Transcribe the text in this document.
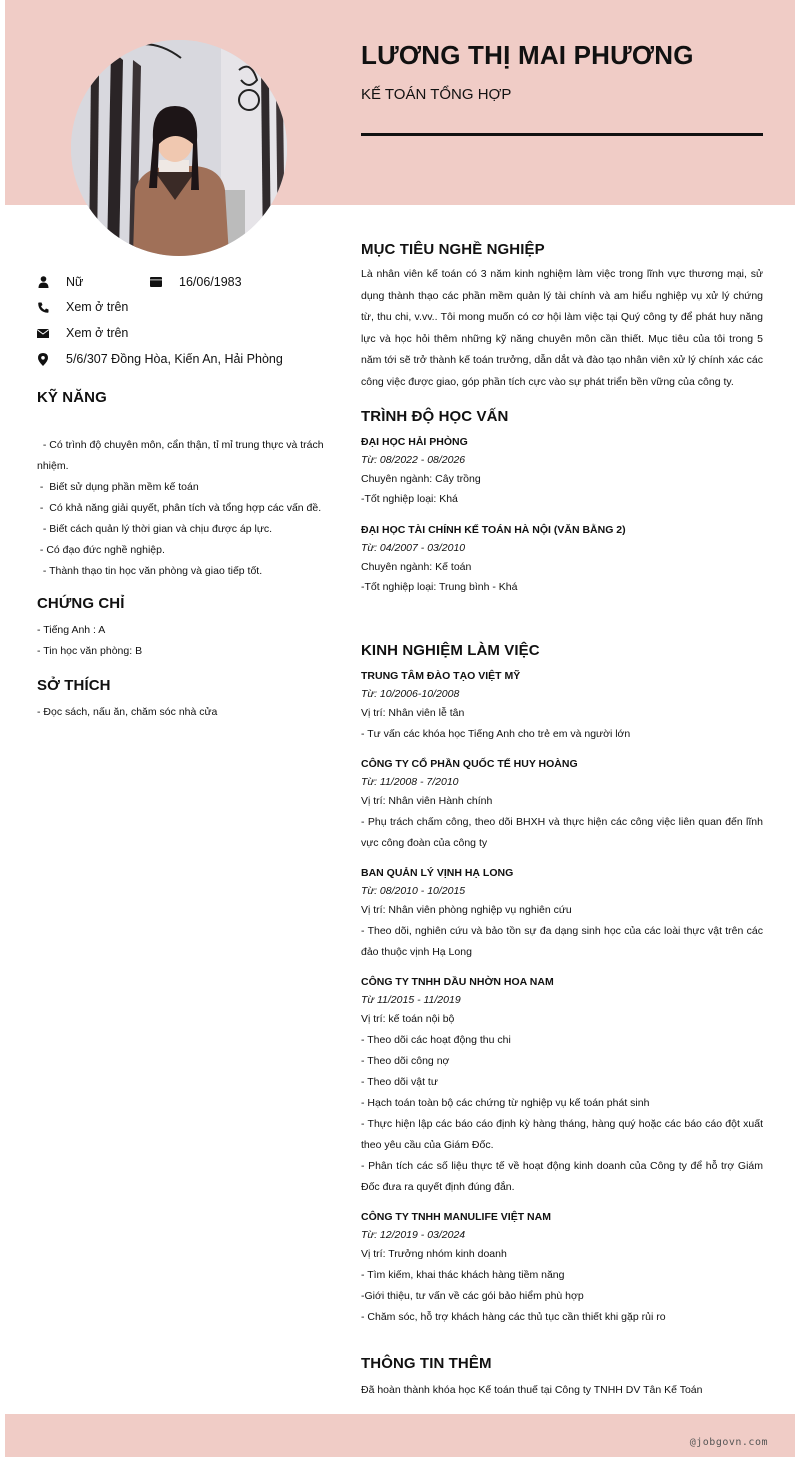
LƯƠNG THỊ MAI PHƯƠNG
KẾ TOÁN TỔNG HỢP
Nữ	16/06/1983
Xem ở trên
Xem ở trên
5/6/307 Đồng Hòa, Kiến An, Hải Phòng
KỸ NĂNG
- Có trình độ chuyên môn, cẩn thận, tỉ mỉ trung thực và trách nhiệm.
-  Biết sử dụng phần mềm kế toán
-  Có khả năng giải quyết, phân tích và tổng hợp các vấn đề.
- Biết cách quản lý thời gian và chịu được áp lực.
- Có đạo đức nghề nghiệp.
- Thành thạo tin học văn phòng và giao tiếp tốt.
CHỨNG CHỈ
- Tiếng Anh : A
- Tin học văn phòng: B
SỞ THÍCH
- Đọc sách, nấu ăn, chăm sóc nhà cửa
MỤC TIÊU NGHỀ NGHIỆP

Là nhân viên kế toán có 3 năm kinh nghiệm làm việc trong lĩnh vực thương mại, sử dụng thành thạo các phần mềm quản lý tài chính và am hiểu nghiệp vụ xử lý chứng từ, thu chi, v.vv.. Tôi mong muốn có cơ hội làm việc tại Quý công ty để phát huy năng lực và học hỏi thêm những kỹ năng chuyên môn cần thiết. Mục tiêu của tôi trong 5 năm tới sẽ trở thành kế toán trưởng, dẫn dắt và đào tạo nhân viên xử lý chính xác các công việc được giao, góp phần tích cực vào sự phát triển bền vững của công ty.

TRÌNH ĐỘ HỌC VẤN
ĐẠI HỌC HẢI PHÒNG
Từ: 08/2022 - 08/2026
Chuyên ngành: Cây trồng
-Tốt nghiệp loại: Khá
ĐẠI HỌC TÀI CHÍNH KẾ TOÁN HÀ NỘI (VĂN BẰNG 2)
Từ: 04/2007 - 03/2010
Chuyên ngành: Kế toán
-Tốt nghiệp loại: Trung bình - Khá
KINH NGHIỆM LÀM VIỆC
TRUNG TÂM ĐÀO TẠO VIỆT MỸ
Từ: 10/2006-10/2008
Vị trí: Nhân viên lễ tân
- Tư vấn các khóa học Tiếng Anh cho trẻ em và người lớn
CÔNG TY CỔ PHẦN QUỐC TẾ HUY HOÀNG
Từ: 11/2008 - 7/2010
Vị trí: Nhân viên Hành chính
- Phụ trách chấm công, theo dõi BHXH và thực hiện các công việc liên quan đến lĩnh vực công đoàn của công ty
BAN QUẢN LÝ VỊNH HẠ LONG
Từ: 08/2010 - 10/2015
Vị trí: Nhân viên phòng nghiệp vụ nghiên cứu
- Theo dõi, nghiên cứu và bảo tồn sự đa dạng sinh học của các loài thực vật trên các đảo thuộc vịnh Hạ Long
CÔNG TY TNHH DẦU NHỜN HOA NAM
Từ 11/2015 - 11/2019
Vị trí: kế toán nội bộ
- Theo dõi các hoạt động thu chi
- Theo dõi công nợ
- Theo dõi vật tư
- Hạch toán toàn bộ các chứng từ nghiệp vụ kế toán phát sinh
- Thực hiện lập các báo cáo định kỳ hàng tháng, hàng quý hoặc các báo cáo đột xuất theo yêu cầu của Giám Đốc.
- Phân tích các số liệu thực tế về hoạt động kinh doanh của Công ty để hỗ trợ Giám Đốc đưa ra quyết định đúng đắn.
CÔNG TY TNHH MANULIFE VIỆT NAM
Từ: 12/2019 - 03/2024
Vị trí: Trưởng nhóm kinh doanh
- Tìm kiếm, khai thác khách hàng tiềm năng
-Giới thiệu, tư vấn về các gói bảo hiểm phù hợp
- Chăm sóc, hỗ trợ khách hàng các thủ tục cần thiết khi gặp rủi ro
THÔNG TIN THÊM
Đã hoàn thành khóa học Kế toán thuế tại Công ty TNHH DV Tân Kế Toán
@jobgovn.com
